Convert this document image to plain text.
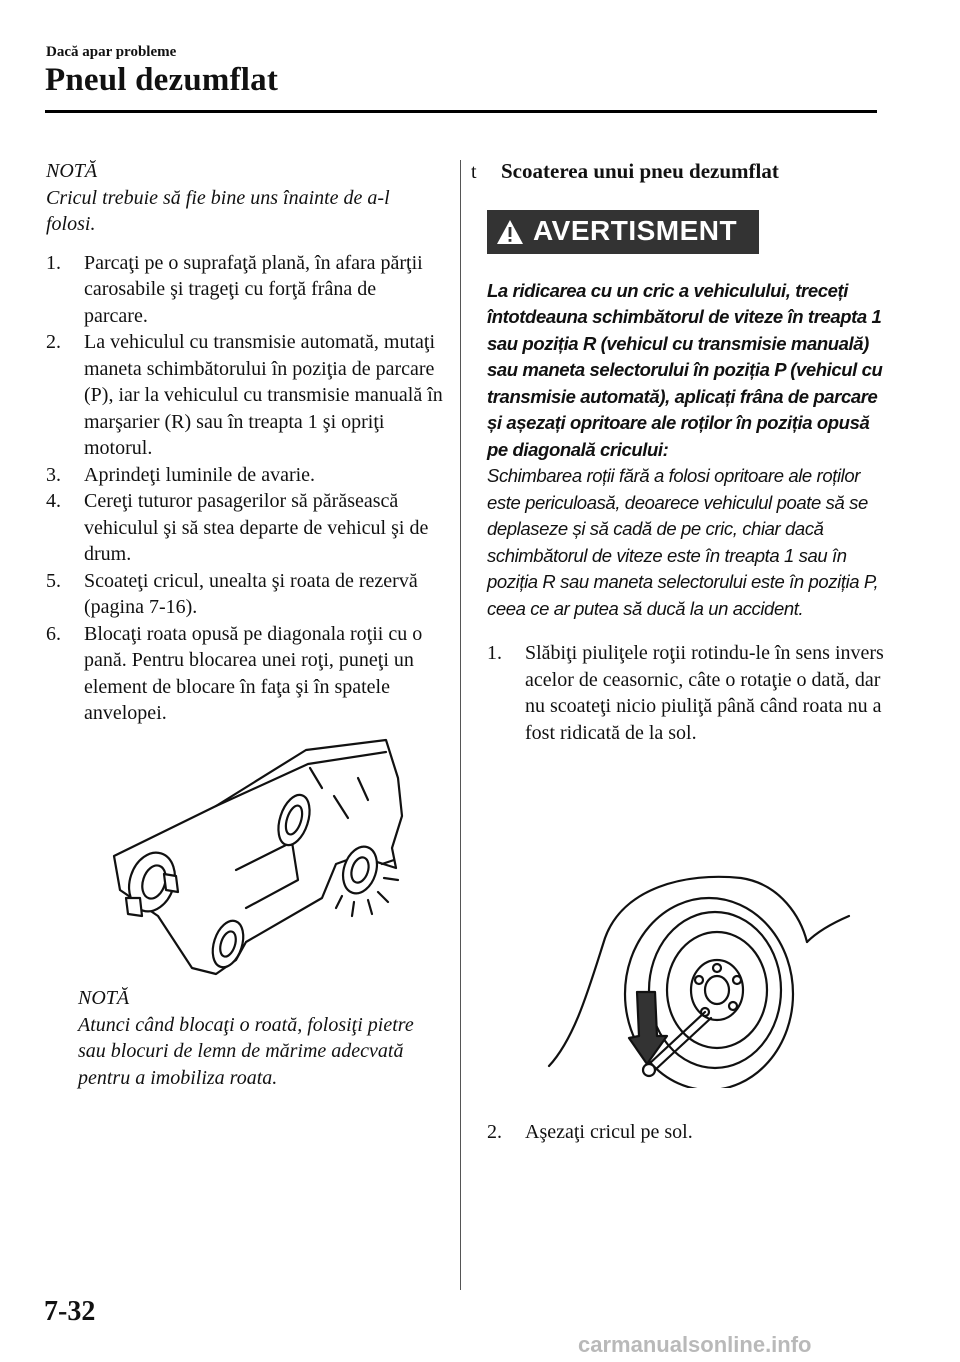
Dacă apar probleme
Pneul dezumflat
NOTĂ
Cricul trebuie să fie bine uns înainte de a-l folosi.
1. Parcaţi pe o suprafaţă plană, în afara părţii carosabile şi trageţi cu forţă frâna de parcare.
2. La vehiculul cu transmisie automată, mutaţi maneta schimbătorului în poziţia de parcare (P), iar la vehiculul cu transmisie manuală în marşarier (R) sau în treapta 1 şi opriţi motorul.
3. Aprindeţi luminile de avarie.
4. Cereţi tuturor pasagerilor să părăsească vehiculul şi să stea departe de vehicul şi de drum.
5. Scoateţi cricul, unealta şi roata de rezervă (pagina 7-16).
6. Blocaţi roata opusă pe diagonala roţii cu o pană. Pentru blocarea unei roţi, puneţi un element de blocare în faţa şi în spatele anvelopei.
NOTĂ
Atunci când blocaţi o roată, folosiţi pietre sau blocuri de lemn de mărime adecvată pentru a imobiliza roata.
t	Scoaterea unui pneu dezumflat
AVERTISMENT
La ridicarea cu un cric a vehiculului, treceți întotdeauna schimbătorul de viteze în treapta 1 sau poziția R (vehicul cu transmisie manuală) sau maneta selectorului în poziția P (vehicul cu transmisie automată), aplicați frâna de parcare și așezați opritoare ale roților în poziția opusă pe diagonală cricului:
Schimbarea roții fără a folosi opritoare ale roților este periculoasă, deoarece vehiculul poate să se deplaseze și să cadă de pe cric, chiar dacă schimbătorul de viteze este în treapta 1 sau în poziția R sau maneta selectorului este în poziția P, ceea ce ar putea să ducă la un accident.
1. Slăbiţi piuliţele roţii rotindu-le în sens invers acelor de ceasornic, câte o rotaţie o dată, dar nu scoateţi nicio piuliţă până când roata nu a fost ridicată de la sol.
2. Aşezaţi cricul pe sol.
7-32
carmanualsonline.info
